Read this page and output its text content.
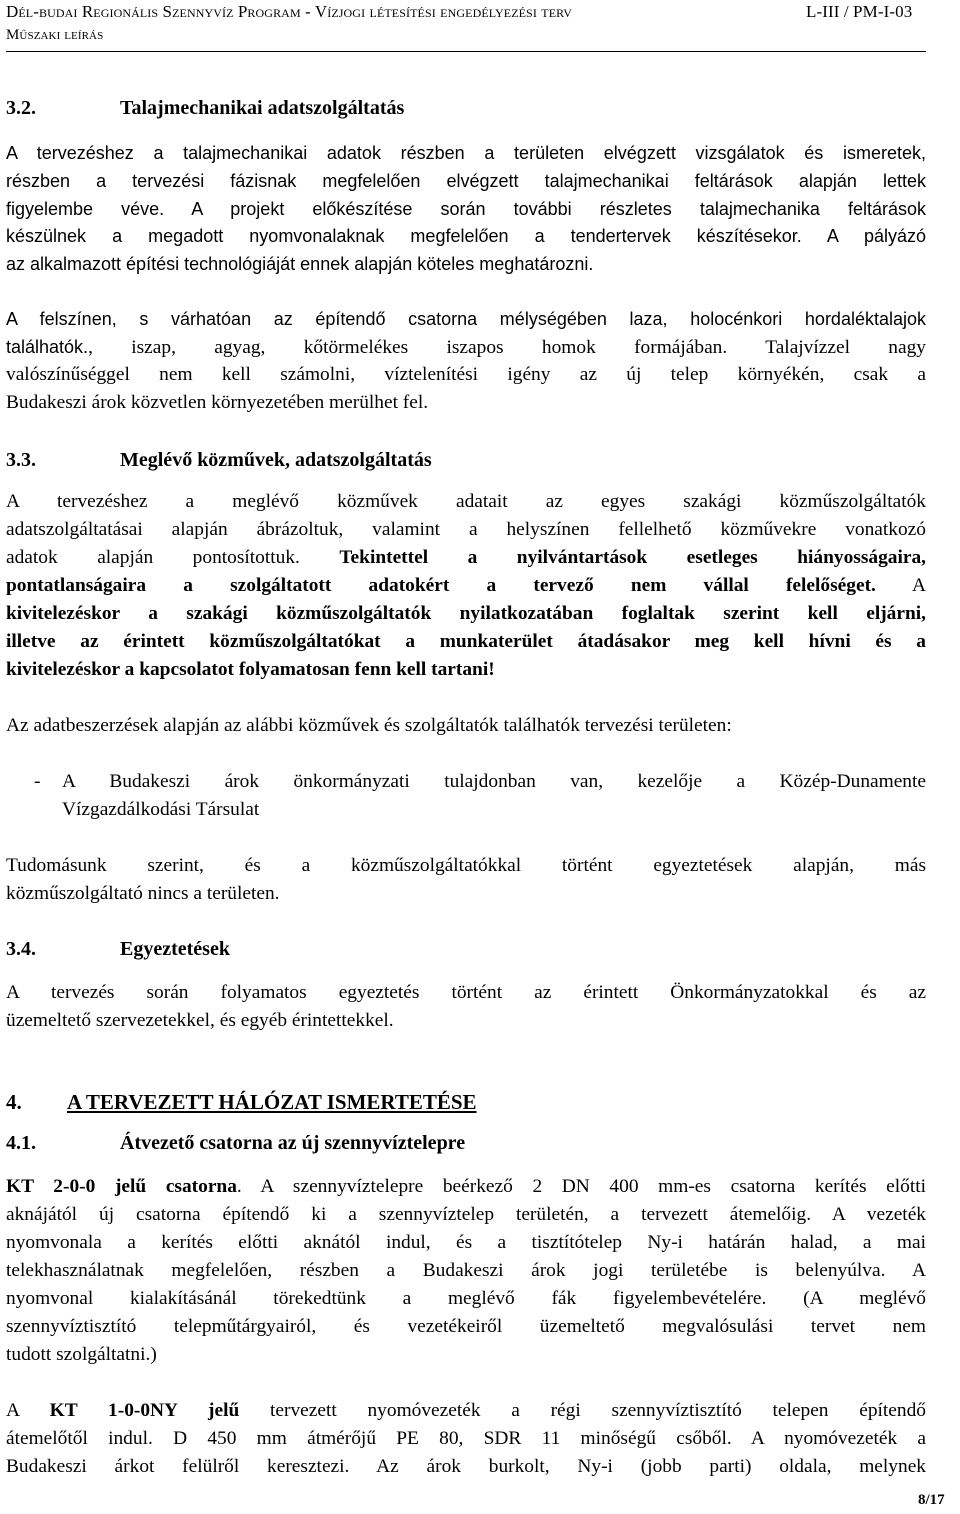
Dél-budai Regionális Szennyvíz Program - Vízjogi létesítési engedélyezési terv	L-III / PM-I-03
Műszaki leírás
3.2.	Talajmechanikai adatszolgáltatás
A tervezéshez a talajmechanikai adatok részben a területen elvégzett vizsgálatok és ismeretek,
részben a tervezési fázisnak megfelelően elvégzett talajmechanikai feltárások alapján lettek
figyelembe véve. A projekt előkészítése során további részletes talajmechanika feltárások
készülnek a megadott nyomvonalaknak megfelelően a tendertervek készítésekor. A pályázó
az alkalmazott építési technológiáját ennek alapján köteles meghatározni.
A felszínen, s várhatóan az építendő csatorna mélységében laza, holocénkori hordaléktalajok
találhatók., iszap, agyag, kőtörmelékes iszapos homok formájában. Talajvízzel nagy
valószínűséggel nem kell számolni, víztelenítési igény az új telep környékén, csak a
Budakeszi árok közvetlen környezetében merülhet fel.
3.3.	Meglévő közművek, adatszolgáltatás
A tervezéshez a meglévő közművek adatait az egyes szakági közműszolgáltatók
adatszolgáltatásai alapján ábrázoltuk, valamint a helyszínen fellelhető közművekre vonatkozó
adatok alapján pontosítottuk. Tekintettel a nyilvántartások esetleges hiányosságaira,
pontatlanságaira a szolgáltatott adatokért a tervező nem vállal felelőséget. A
kivitelezéskor a szakági közműszolgáltatók nyilatkozatában foglaltak szerint kell eljárni,
illetve az érintett közműszolgáltatókat a munkaterület átadásakor meg kell hívni és a
kivitelezéskor a kapcsolatot folyamatosan fenn kell tartani!
Az adatbeszerzések alapján az alábbi közművek és szolgáltatók találhatók tervezési területen:
- A Budakeszi árok önkormányzati tulajdonban van, kezelője a Közép-Dunamente
Vízgazdálkodási Társulat
Tudomásunk szerint, és a közműszolgáltatókkal történt egyeztetések alapján, más
közműszolgáltató nincs a területen.
3.4.	Egyeztetések
A tervezés során folyamatos egyeztetés történt az érintett Önkormányzatokkal és az
üzemeltető szervezetekkel, és egyéb érintettekkel.
4. A TERVEZETT HÁLÓZAT ISMERTETÉSE
4.1.	Átvezető csatorna az új szennyvíztelepre
KT 2-0-0 jelű csatorna. A szennyvíztelepre beérkező 2 DN 400 mm-es csatorna kerítés előtti
aknájától új csatorna építendő ki a szennyvíztelep területén, a tervezett átemelőig. A vezeték
nyomvonala a kerítés előtti aknától indul, és a tisztítótelep Ny-i határán halad, a mai
telekhasználatnak megfelelően, részben a Budakeszi árok jogi területébe is belenyúlva. A
nyomvonal kialakításánál törekedtünk a meglévő fák figyelembevételére. (A meglévő
szennyvíztisztító telepműtárgyairól, és vezetékeiről üzemeltető megvalósulási tervet nem
tudott szolgáltatni.)
A KT 1-0-0NY jelű tervezett nyomóvezeték a régi szennyvíztisztító telepen építendő
átemelőtől indul. D 450 mm átmérőjű PE 80, SDR 11 minőségű csőből. A nyomóvezeték a
Budakeszi árkot felülről keresztezi. Az árok burkolt, Ny-i (jobb parti) oldala, melynek
8/17
